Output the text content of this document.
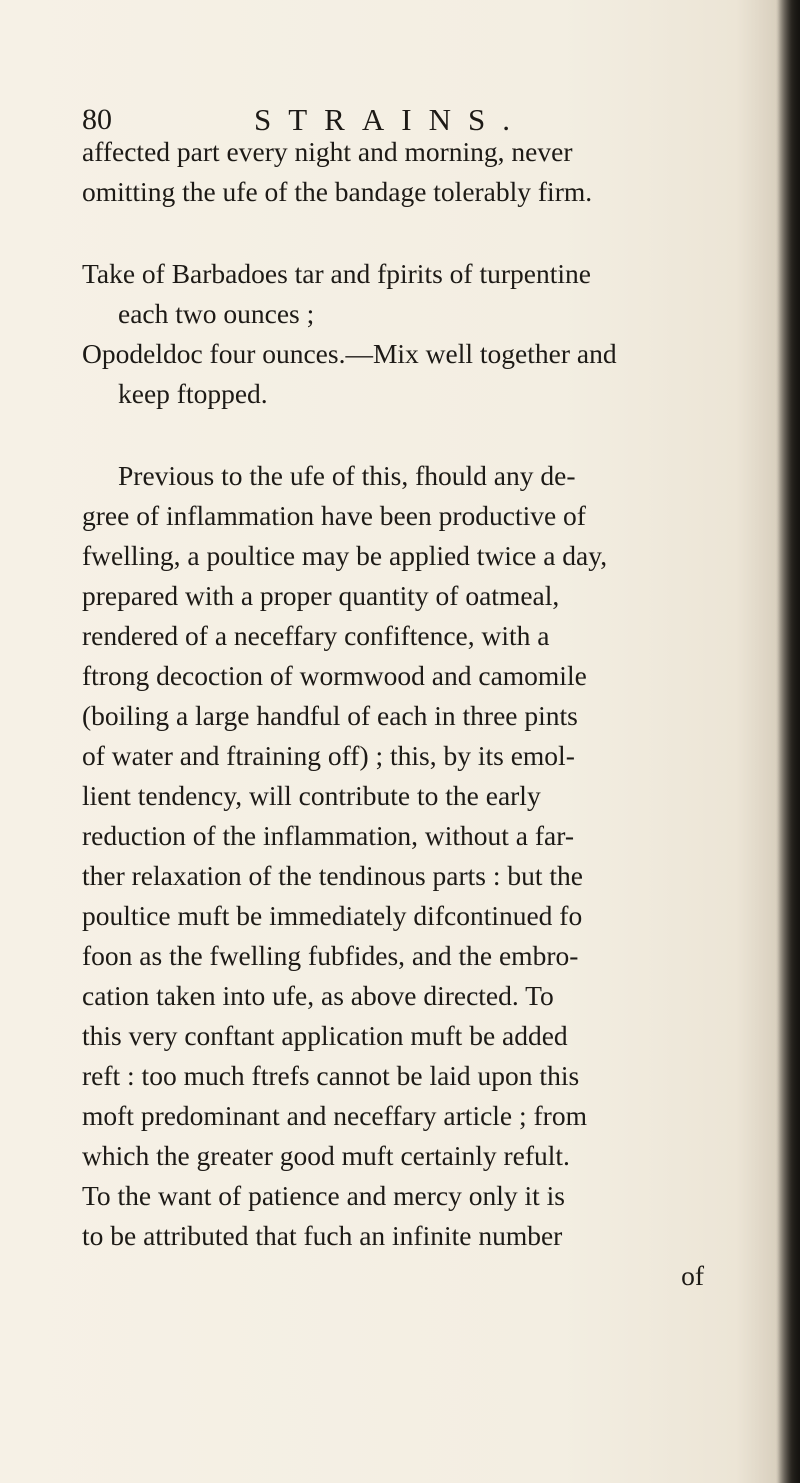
80	STRAINS.
affected part every night and morning, never
omitting the ufe of the bandage tolerably firm.
Take of Barbadoes tar and fpirits of turpentine
each two ounces ;
Opodeldoc four ounces.—Mix well together and
keep ftopped.
Previous to the ufe of this, fhould any de-
gree of inflammation have been productive of
fwelling, a poultice may be applied twice a day,
prepared with a proper quantity of oatmeal,
rendered of a neceffary confiftence, with a
ftrong decoction of wormwood and camomile
(boiling a large handful of each in three pints
of water and ftraining off) ; this, by its emol-
lient tendency, will contribute to the early
reduction of the inflammation, without a far-
ther relaxation of the tendinous parts : but the
poultice muft be immediately difcontinued fo
foon as the fwelling fubfides, and the embro-
cation taken into ufe, as above directed. To
this very conftant application muft be added
reft : too much ftrefs cannot be laid upon this
moft predominant and neceffary article ; from
which the greater good muft certainly refult.
To the want of patience and mercy only it is
to be attributed that fuch an infinite number
of
